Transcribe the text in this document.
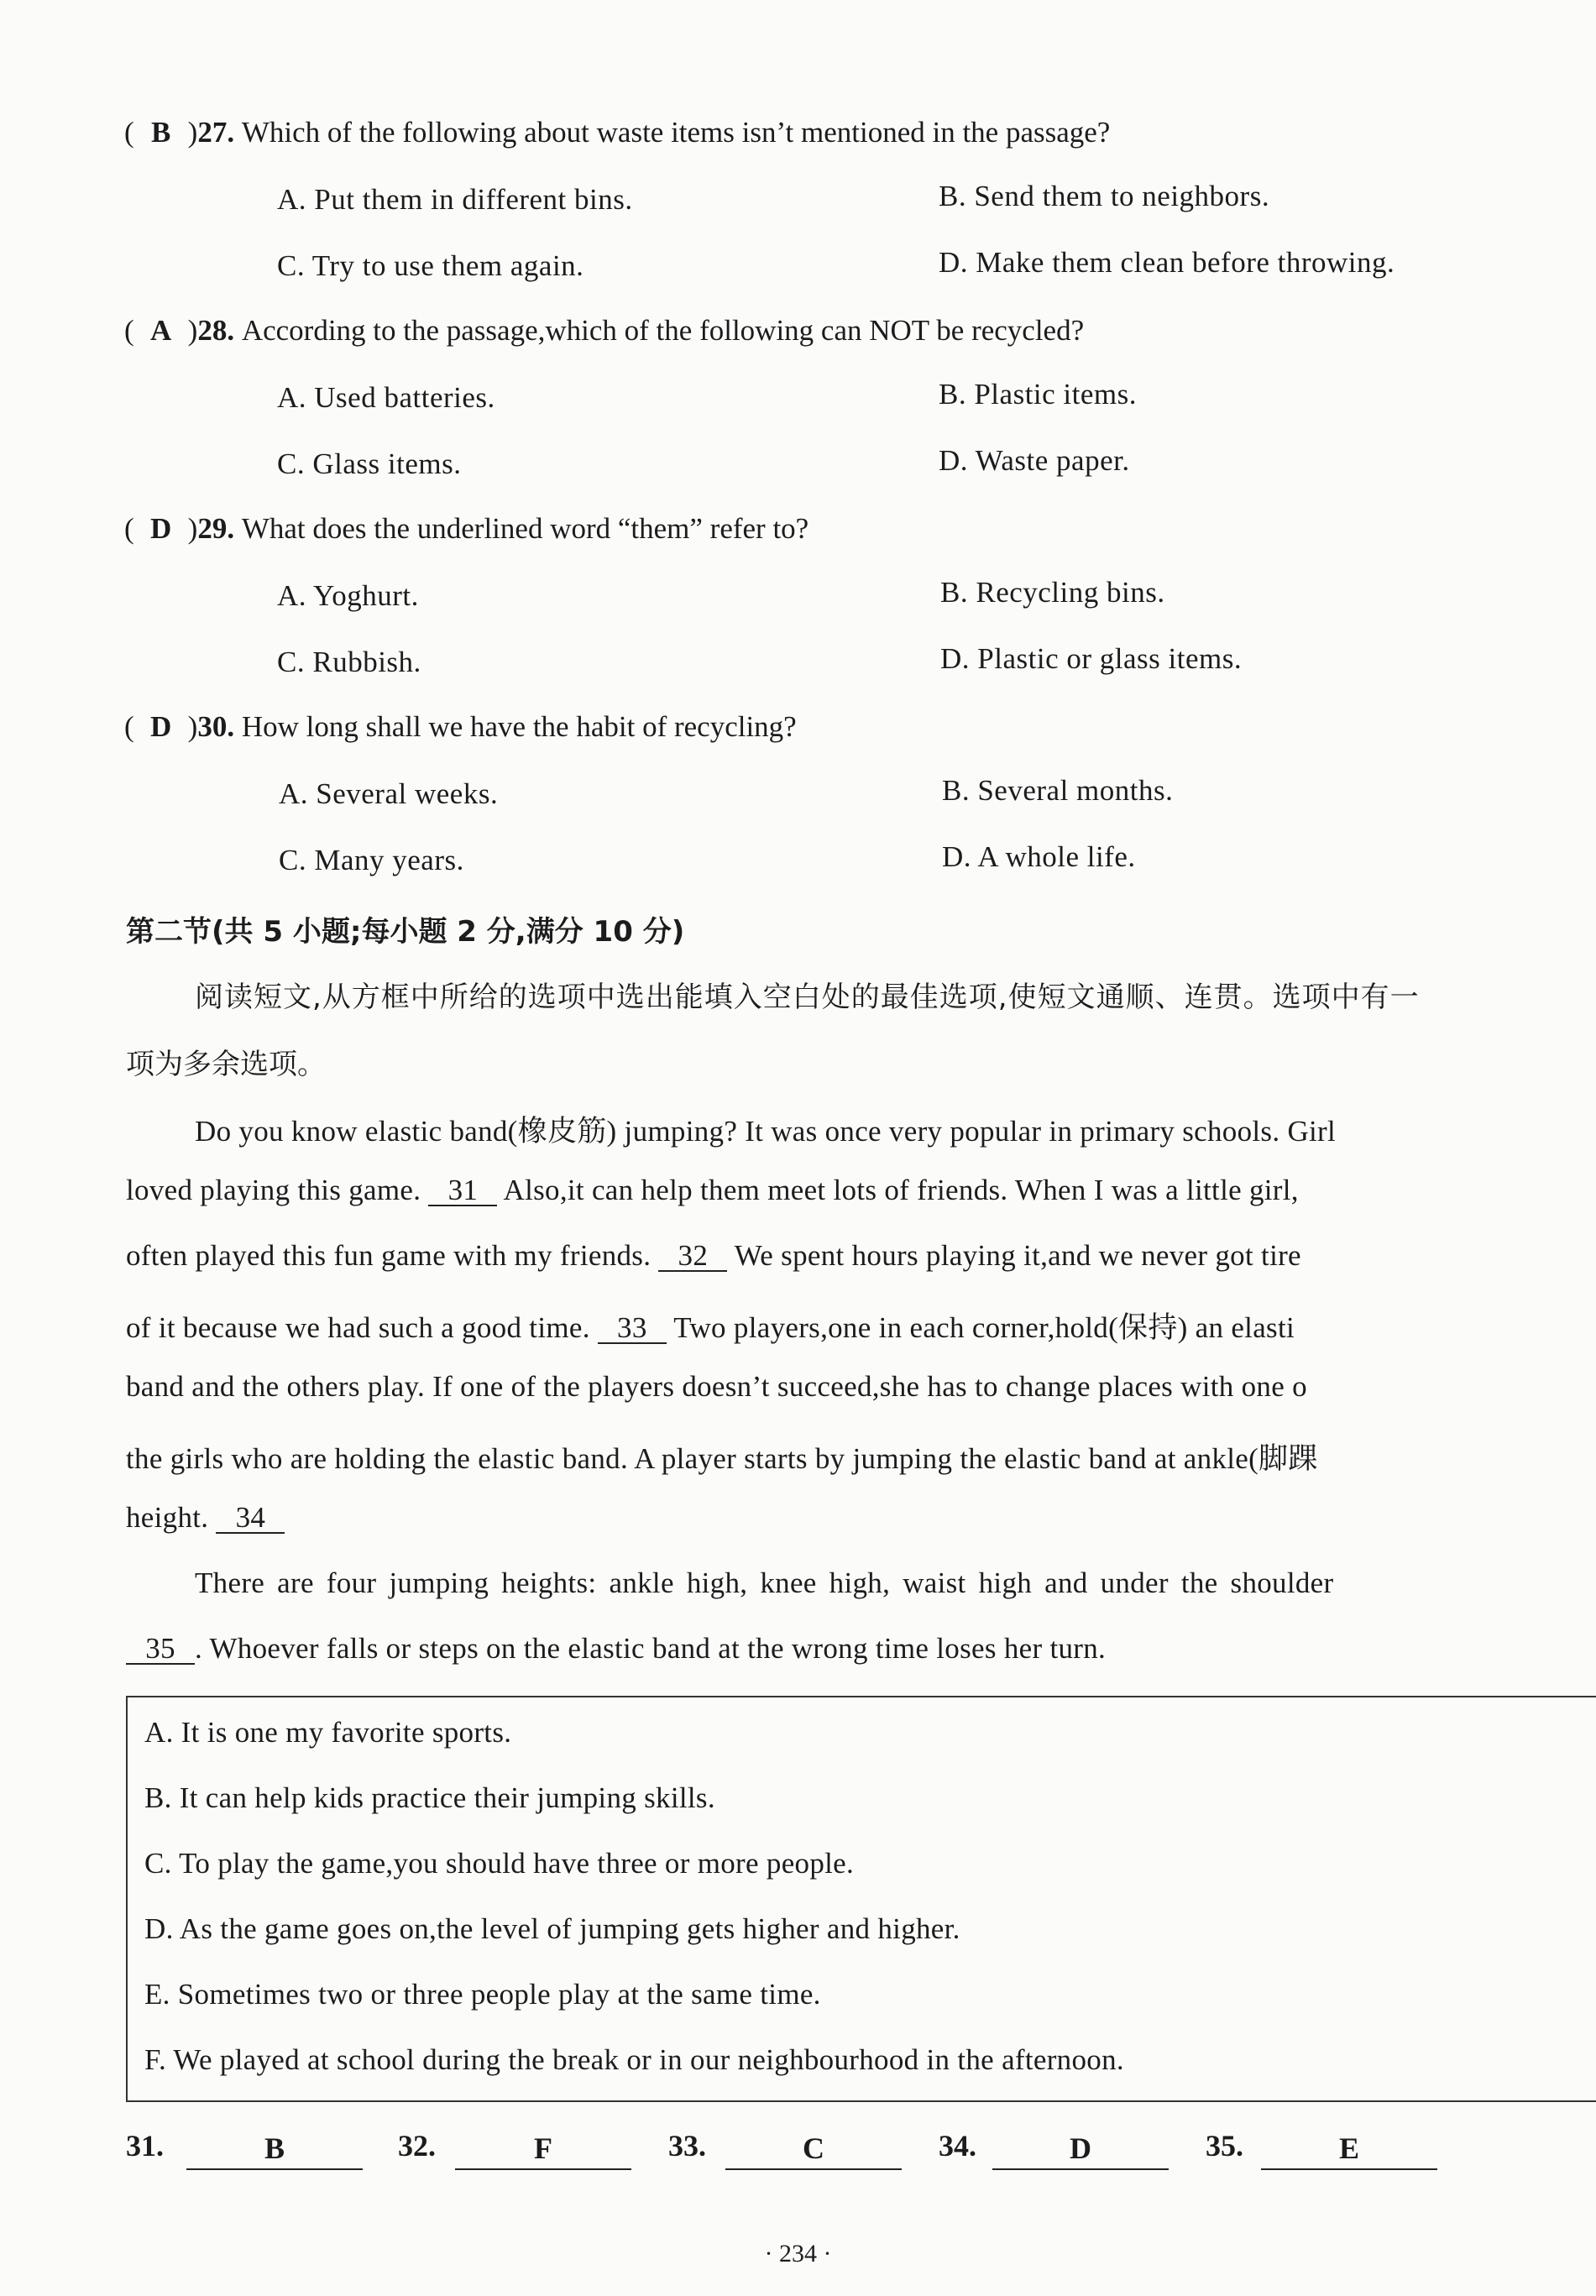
( B )27. Which of the following about waste items isn’t mentioned in the passage?
A. Put them in different bins.	B. Send them to neighbors.
C. Try to use them again.	D. Make them clean before throwing.
( A )28. According to the passage,which of the following can NOT be recycled?
A. Used batteries.	B. Plastic items.
C. Glass items.	D. Waste paper.
( D )29. What does the underlined word “them” refer to?
A. Yoghurt.	B. Recycling bins.
C. Rubbish.	D. Plastic or glass items.
( D )30. How long shall we have the habit of recycling?
A. Several weeks.	B. Several months.
C. Many years.	D. A whole life.
第二节(共 5 小题;每小题 2 分,满分 10 分)
阅读短文,从方框中所给的选项中选出能填入空白处的最佳选项,使短文通顺、连贯。选项中有一
项为多余选项。
Do you know elastic band(橡皮筋) jumping? It was once very popular in primary schools. Girl
loved playing this game. 31 Also,it can help them meet lots of friends. When I was a little girl,
often played this fun game with my friends. 32 We spent hours playing it,and we never got tire
of it because we had such a good time. 33 Two players,one in each corner,hold(保持) an elasti
band and the others play. If one of the players doesn’t succeed,she has to change places with one o
the girls who are holding the elastic band. A player starts by jumping the elastic band at ankle(脚踝
height. 34
There are four jumping heights: ankle high, knee high, waist high and under the shoulder
35 . Whoever falls or steps on the elastic band at the wrong time loses her turn.
A. It is one my favorite sports.
B. It can help kids practice their jumping skills.
C. To play the game,you should have three or more people.
D. As the game goes on,the level of jumping gets higher and higher.
E. Sometimes two or three people play at the same time.
F. We played at school during the break or in our neighbourhood in the afternoon.
31.	B	32.	F	33.	C	34.	D	35.	E
· 234 ·
